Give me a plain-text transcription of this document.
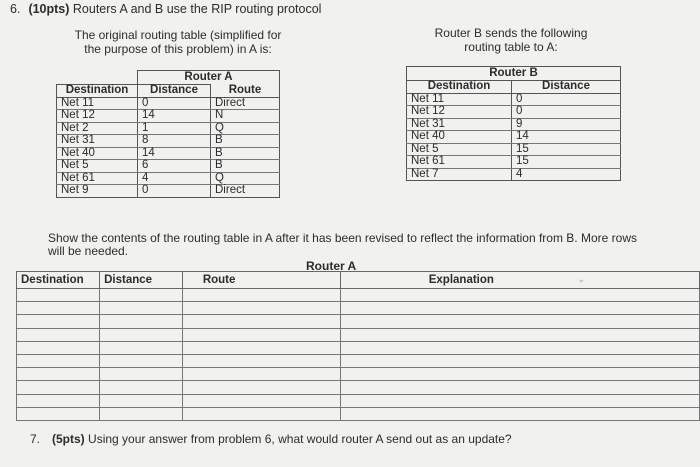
6. (10pts) Routers A and B use the RIP routing protocol
The original routing table (simplified for
the purpose of this problem) in A is:
Router B sends the following
routing table to A:
	Router A	
Destination	Distance	Route
Net 11	0	Direct
Net 12	14	N
Net 2	1	Q
Net 31	8	B
Net 40	14	B
Net 5	6	B
Net 61	4	Q
Net 9	0	Direct
Router B	
Destination	Distance
Net 11	0
Net 12	0
Net 31	9
Net 40	14
Net 5	15
Net 61	15
Net 7	4
Show the contents of the routing table in A after it has been revised to reflect the information from B. More rows
will be needed.
Router A
Destination	Distance	Route	Explanation ⌄

7. (5pts) Using your answer from problem 6, what would router A send out as an update?
